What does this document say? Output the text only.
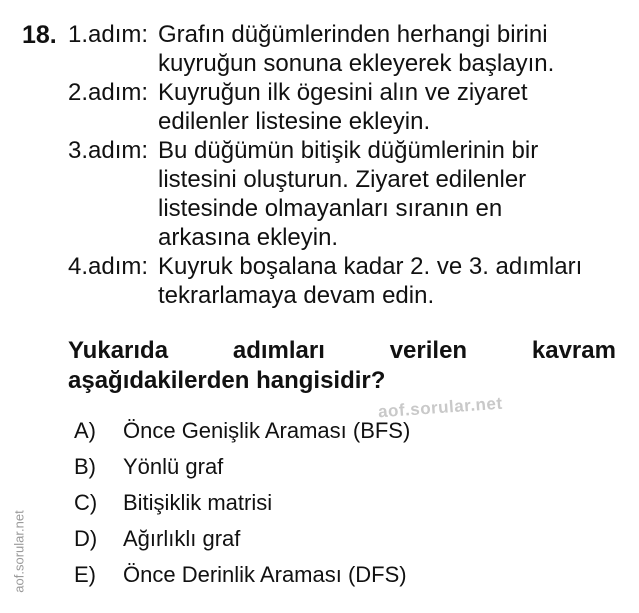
18. 1.adım: Grafın düğümlerinden herhangi birini
kuyruğun sonuna ekleyerek başlayın.
2.adım: Kuyruğun ilk ögesini alın ve ziyaret
edilenler listesine ekleyin.
3.adım: Bu düğümün bitişik düğümlerinin bir
listesini oluşturun. Ziyaret edilenler
listesinde olmayanları sıranın en
arkasına ekleyin.
4.adım: Kuyruk boşalana kadar 2. ve 3. adımları
tekrarlamaya devam edin.
Yukarıda	adımları	verilen	kavram
aşağıdakilerden hangisidir?
aof.sorular.net
A)	Önce Genişlik Araması (BFS)
B)	Yönlü graf
C)	Bitişiklik matrisi
D)	Ağırlıklı graf
E)	Önce Derinlik Araması (DFS)
aof.sorular.net
